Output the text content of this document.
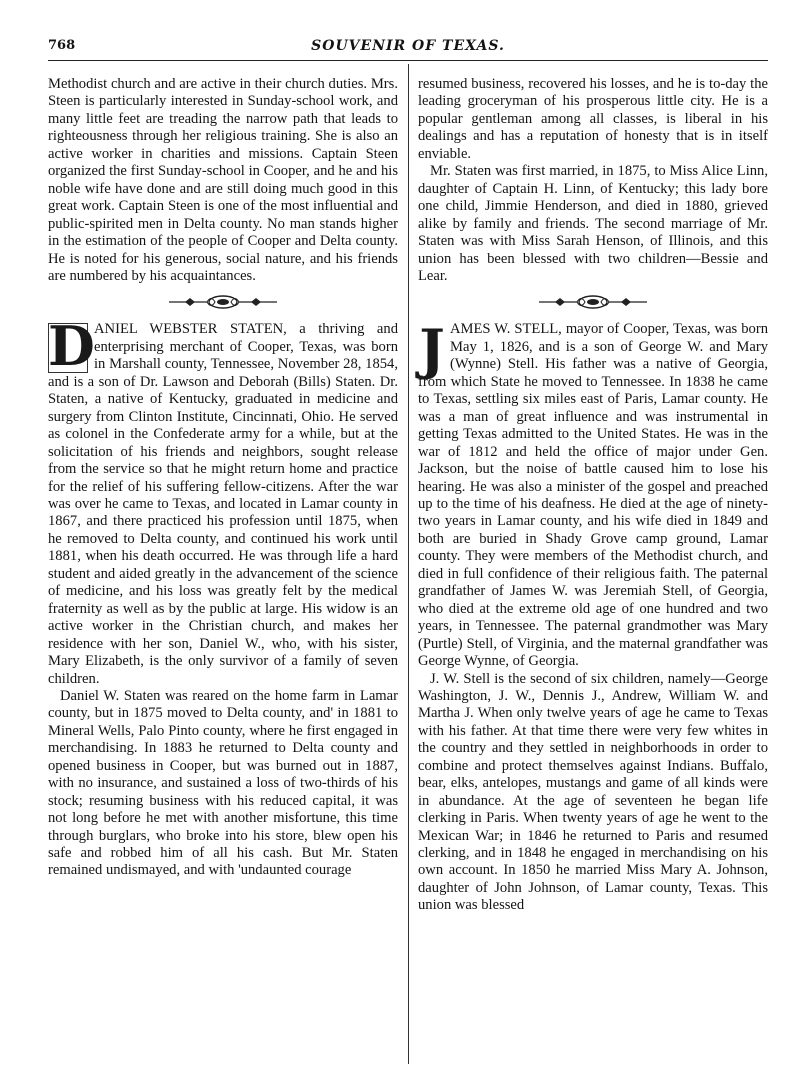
768	SOUVENIR OF TEXAS.

Methodist church and are active in their church duties. Mrs. Steen is particularly interested in Sunday-school work, and many little feet are treading the narrow path that leads to righteousness through her religious training. She is also an active worker in charities and missions. Captain Steen organized the first Sunday-school in Cooper, and he and his noble wife have done and are still doing much good in this great work. Captain Steen is one of the most influential and public-spirited men in Delta county. No man stands higher in the estimation of the people of Cooper and Delta county. He is noted for his generous, social nature, and his friends are numbered by his acquaintances.

D ANIEL WEBSTER STATEN, a thriving and enterprising merchant of Cooper, Texas, was born in Marshall county, Tennessee, November 28, 1854, and is a son of Dr. Lawson and Deborah (Bills) Staten. Dr. Staten, a native of Kentucky, graduated in medicine and surgery from Clinton Institute, Cincinnati, Ohio. He served as colonel in the Confederate army for a while, but at the solicitation of his friends and neighbors, sought release from the service so that he might return home and practice for the relief of his suffering fellow-citizens. After the war was over he came to Texas, and located in Lamar county in 1867, and there practiced his profession until 1875, when he removed to Delta county, and continued his work until 1881, when his death occurred. He was through life a hard student and aided greatly in the advancement of the science of medicine, and his loss was greatly felt by the medical fraternity as well as by the public at large. His widow is an active worker in the Christian church, and makes her residence with her son, Daniel W., who, with his sister, Mary Elizabeth, is the only survivor of a family of seven children.

Daniel W. Staten was reared on the home farm in Lamar county, but in 1875 moved to Delta county, and' in 1881 to Mineral Wells, Palo Pinto county, where he first engaged in merchandising. In 1883 he returned to Delta county and opened business in Cooper, but was burned out in 1887, with no insurance, and sustained a loss of two-thirds of his stock; resuming business with his reduced capital, it was not long before he met with another misfortune, this time through burglars, who broke into his store, blew open his safe and robbed him of all his cash. But Mr. Staten remained undismayed, and with 'undaunted courage

resumed business, recovered his losses, and he is to-day the leading groceryman of his prosperous little city. He is a popular gentleman among all classes, is liberal in his dealings and has a reputation of honesty that is in itself enviable.

Mr. Staten was first married, in 1875, to Miss Alice Linn, daughter of Captain H. Linn, of Kentucky; this lady bore one child, Jimmie Henderson, and died in 1880, grieved alike by family and friends. The second marriage of Mr. Staten was with Miss Sarah Henson, of Illinois, and this union has been blessed with two children—Bessie and Lear.

J AMES W. STELL, mayor of Cooper, Texas, was born May 1, 1826, and is a son of George W. and Mary (Wynne) Stell. His father was a native of Georgia, from which State he moved to Tennessee. In 1838 he came to Texas, settling six miles east of Paris, Lamar county. He was a man of great influence and was instrumental in getting Texas admitted to the United States. He was in the war of 1812 and held the office of major under Gen. Jackson, but the noise of battle caused him to lose his hearing. He was also a minister of the gospel and preached up to the time of his deafness. He died at the age of ninety-two years in Lamar county, and his wife died in 1849 and both are buried in Shady Grove camp ground, Lamar county. They were members of the Methodist church, and died in full confidence of their religious faith. The paternal grandfather of James W. was Jeremiah Stell, of Georgia, who died at the extreme old age of one hundred and two years, in Tennessee. The paternal grandmother was Mary (Purtle) Stell, of Virginia, and the maternal grandfather was George Wynne, of Georgia.

J. W. Stell is the second of six children, namely—George Washington, J. W., Dennis J., Andrew, William W. and Martha J. When only twelve years of age he came to Texas with his father. At that time there were very few whites in the country and they settled in neighborhoods in order to combine and protect themselves against Indians. Buffalo, bear, elks, antelopes, mustangs and game of all kinds were in abundance. At the age of seventeen he began life clerking in Paris. When twenty years of age he went to the Mexican War; in 1846 he returned to Paris and resumed clerking, and in 1848 he engaged in merchandising on his own account. In 1850 he married Miss Mary A. Johnson, daughter of John Johnson, of Lamar county, Texas. This union was blessed
